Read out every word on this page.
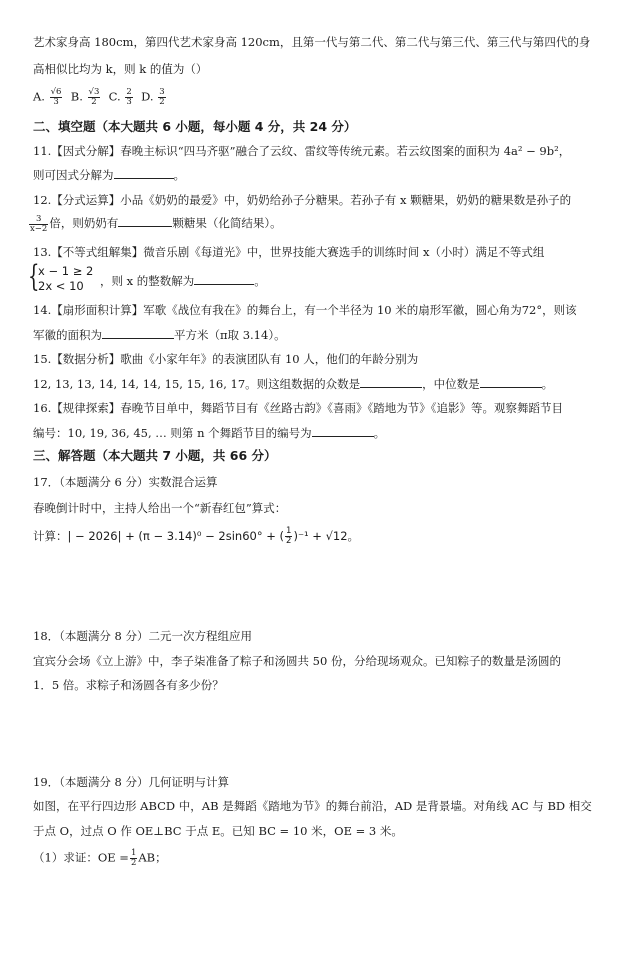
艺术家身高 180cm，第四代艺术家身高 120cm，且第一代与第二代、第二代与第三代、第三代与第四代的身
高相似比均为 k，则 k 的值为（）
A. $\frac{√6}{3} B$. $\frac{√3}{2} C$. $\frac{2}{3} D$. $\frac{3}{2}$
二、填空题（本大题共 6 小题，每小题 4 分，共 24 分）
11.【因式分解】春晚主标识“四马齐驱”融合了云纹、雷纹等传统元素。若云纹图案的面积为 4a² − 9b²，
则可因式分解为	。
12.【分式运算】小品《奶奶的最爱》中，奶奶给孙子分糖果。若孙子有 x 颗糖果，奶奶的糖果数是孙子的
$\frac{3}{x-2}$ 倍，则奶奶有	颗糖果（化简结果）。
13.【不等式组解集】微音乐剧《每道光》中，世界技能大赛选手的训练时间 x（小时）满足不等式组
{
x − 1 ≥ 2
2x < 10	，则 x 的整数解为	。
14.【扇形面积计算】军歌《战位有我在》的舞台上，有一个半径为 10 米的扇形军徽，圆心角为72°，则该
军徽的面积为	平方米（π取 3.14）。
15.【数据分析】歌曲《小家年年》的表演团队有 10 人，他们的年龄分别为
12, 13, 13, 14, 14, 14, 15, 15, 16, 17。则这组数据的众数是	，中位数是	。
16.【规律探索】春晚节目单中，舞蹈节目有《丝路古韵》《喜雨》《踏地为节》《追影》等。观察舞蹈节目
编号：10, 19, 36, 45, … 则第 n 个舞蹈节目的编号为	。
三、解答题（本大题共 7 小题，共 66 分）
17．（本题满分 6 分）实数混合运算
春晚倒计时中，主持人给出一个“新春红包”算式：
计算：| − 2026| + (π − 3.14)⁰ − 2sin60° + ( $\frac{1}{2} )^{-1} + √12$。
18．（本题满分 8 分）二元一次方程组应用
宜宾分会场《立上游》中，李子柒准备了粽子和汤圆共 50 份，分给现场观众。已知粽子的数量是汤圆的
1．5 倍。求粽子和汤圆各有多少份？
19．（本题满分 8 分）几何证明与计算
如图，在平行四边形 ABCD 中，AB 是舞蹈《踏地为节》的舞台前沿，AD 是背景墙。对角线 AC 与 BD 相交
于点 O，过点 O 作 OE⊥BC 于点 E。已知 BC = 10 米，OE = 3 米。
（1）求证：OE = $\frac{1}{2}$ AB；
